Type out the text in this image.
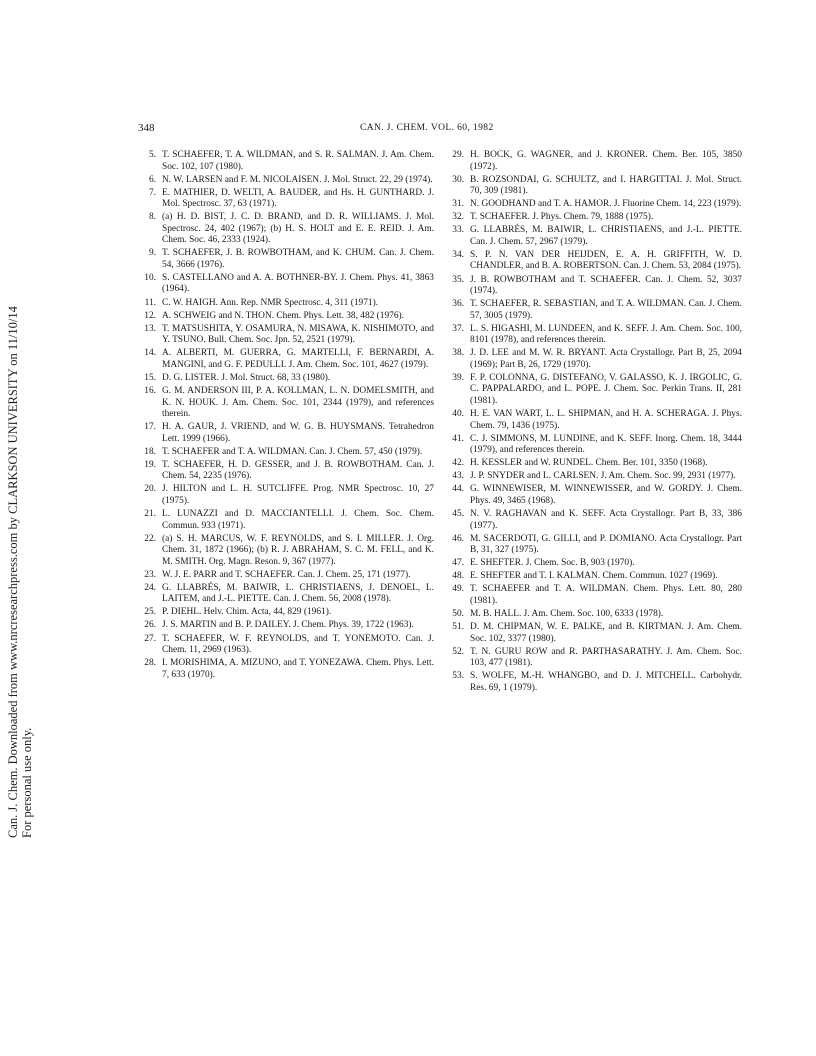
348	CAN. J. CHEM. VOL. 60, 1982
Can. J. Chem. Downloaded from www.nrcresearchpress.com by CLARKSON UNIVERSITY on 11/10/14 For personal use only.
5. T. SCHAEFER, T. A. WILDMAN, and S. R. SALMAN. J. Am. Chem. Soc. 102, 107 (1980).
6. N. W. LARSEN and F. M. NICOLAISEN. J. Mol. Struct. 22, 29 (1974).
7. E. MATHIER, D. WELTI, A. BAUDER, and Hs. H. GUNTHARD. J. Mol. Spectrosc. 37, 63 (1971).
8. (a) H. D. BIST, J. C. D. BRAND, and D. R. WILLIAMS. J. Mol. Spectrosc. 24, 402 (1967); (b) H. S. HOLT and E. E. REID. J. Am. Chem. Soc. 46, 2333 (1924).
9. T. SCHAEFER, J. B. ROWBOTHAM, and K. CHUM. Can. J. Chem. 54, 3666 (1976).
10. S. CASTELLANO and A. A. BOTHNER-BY. J. Chem. Phys. 41, 3863 (1964).
11. C. W. HAIGH. Ann. Rep. NMR Spectrosc. 4, 311 (1971).
12. A. SCHWEIG and N. THON. Chem. Phys. Lett. 38, 482 (1976).
13. T. MATSUSHITA, Y. OSAMURA, N. MISAWA, K. NISHIMOTO, and Y. TSUNO. Bull. Chem. Soc. Jpn. 52, 2521 (1979).
14. A. ALBERTI, M. GUERRA, G. MARTELLI, F. BERNARDI, A. MANGINI, and G. F. PEDULLI. J. Am. Chem. Soc. 101, 4627 (1979).
15. D. G. LISTER. J. Mol. Struct. 68, 33 (1980).
16. G. M. ANDERSON III, P. A. KOLLMAN, L. N. DOMELSMITH, and K. N. HOUK. J. Am. Chem. Soc. 101, 2344 (1979), and references therein.
17. H. A. GAUR, J. VRIEND, and W. G. B. HUYSMANS. Tetrahedron Lett. 1999 (1966).
18. T. SCHAEFER and T. A. WILDMAN. Can. J. Chem. 57, 450 (1979).
19. T. SCHAEFER, H. D. GESSER, and J. B. ROWBOTHAM. Can. J. Chem. 54, 2235 (1976).
20. J. HILTON and L. H. SUTCLIFFE. Prog. NMR Spectrosc. 10, 27 (1975).
21. L. LUNAZZI and D. MACCIANTELLI. J. Chem. Soc. Chem. Commun. 933 (1971).
22. (a) S. H. MARCUS, W. F. REYNOLDS, and S. I. MILLER. J. Org. Chem. 31, 1872 (1966); (b) R. J. ABRAHAM, S. C. M. FELL, and K. M. SMITH. Org. Magn. Reson. 9, 367 (1977).
23. W. J. E. PARR and T. SCHAEFER. Can. J. Chem. 25, 171 (1977).
24. G. LLABRÉS, M. BAIWIR, L. CHRISTIAENS, J. DENOEL, L. LAITEM, and J.-L. PIETTE. Can. J. Chem. 56, 2008 (1978).
25. P. DIEHL. Helv. Chim. Acta, 44, 829 (1961).
26. J. S. MARTIN and B. P. DAILEY. J. Chem. Phys. 39, 1722 (1963).
27. T. SCHAEFER, W. F. REYNOLDS, and T. YONEMOTO. Can. J. Chem. 11, 2969 (1963).
28. I. MORISHIMA, A. MIZUNO, and T. YONEZAWA. Chem. Phys. Lett. 7, 633 (1970).
29. H. BOCK, G. WAGNER, and J. KRONER. Chem. Ber. 105, 3850 (1972).
30. B. ROZSONDAI, G. SCHULTZ, and I. HARGITTAI. J. Mol. Struct. 70, 309 (1981).
31. N. GOODHAND and T. A. HAMOR. J. Fluorine Chem. 14, 223 (1979).
32. T. SCHAEFER. J. Phys. Chem. 79, 1888 (1975).
33. G. LLABRÉS, M. BAIWIR, L. CHRISTIAENS, and J.-L. PIETTE. Can. J. Chem. 57, 2967 (1979).
34. S. P. N. VAN DER HEIJDEN, E. A. H. GRIFFITH, W. D. CHANDLER, and B. A. ROBERTSON. Can. J. Chem. 53, 2084 (1975).
35. J. B. ROWBOTHAM and T. SCHAEFER. Can. J. Chem. 52, 3037 (1974).
36. T. SCHAEFER, R. SEBASTIAN, and T. A. WILDMAN. Can. J. Chem. 57, 3005 (1979).
37. L. S. HIGASHI, M. LUNDEEN, and K. SEFF. J. Am. Chem. Soc. 100, 8101 (1978), and references therein.
38. J. D. LEE and M. W. R. BRYANT. Acta Crystallogr. Part B, 25, 2094 (1969); Part B, 26, 1729 (1970).
39. F. P. COLONNA, G. DISTEFANO, V. GALASSO, K. J. IRGOLIC, G. C. PAPPALARDO, and L. POPE. J. Chem. Soc. Perkin Trans. II, 281 (1981).
40. H. E. VAN WART, L. L. SHIPMAN, and H. A. SCHERAGA. J. Phys. Chem. 79, 1436 (1975).
41. C. J. SIMMONS, M. LUNDINE, and K. SEFF. Inorg. Chem. 18, 3444 (1979), and references therein.
42. H. KESSLER and W. RUNDEL. Chem. Ber. 101, 3350 (1968).
43. J. P. SNYDER and L. CARLSEN. J. Am. Chem. Soc. 99, 2931 (1977).
44. G. WINNEWISER, M. WINNEWISSER, and W. GORDY. J. Chem. Phys. 49, 3465 (1968).
45. N. V. RAGHAVAN and K. SEFF. Acta Crystallogr. Part B, 33, 386 (1977).
46. M. SACERDOTI, G. GILLI, and P. DOMIANO. Acta Crystallogr. Part B, 31, 327 (1975).
47. E. SHEFTER. J. Chem. Soc. B, 903 (1970).
48. E. SHEFTER and T. I. KALMAN. Chem. Commun. 1027 (1969).
49. T. SCHAEFER and T. A. WILDMAN. Chem. Phys. Lett. 80, 280 (1981).
50. M. B. HALL. J. Am. Chem. Soc. 100, 6333 (1978).
51. D. M. CHIPMAN, W. E. PALKE, and B. KIRTMAN. J. Am. Chem. Soc. 102, 3377 (1980).
52. T. N. GURU ROW and R. PARTHASARATHY. J. Am. Chem. Soc. 103, 477 (1981).
53. S. WOLFE, M.-H. WHANGBO, and D. J. MITCHELL. Carbohydr. Res. 69, 1 (1979).
